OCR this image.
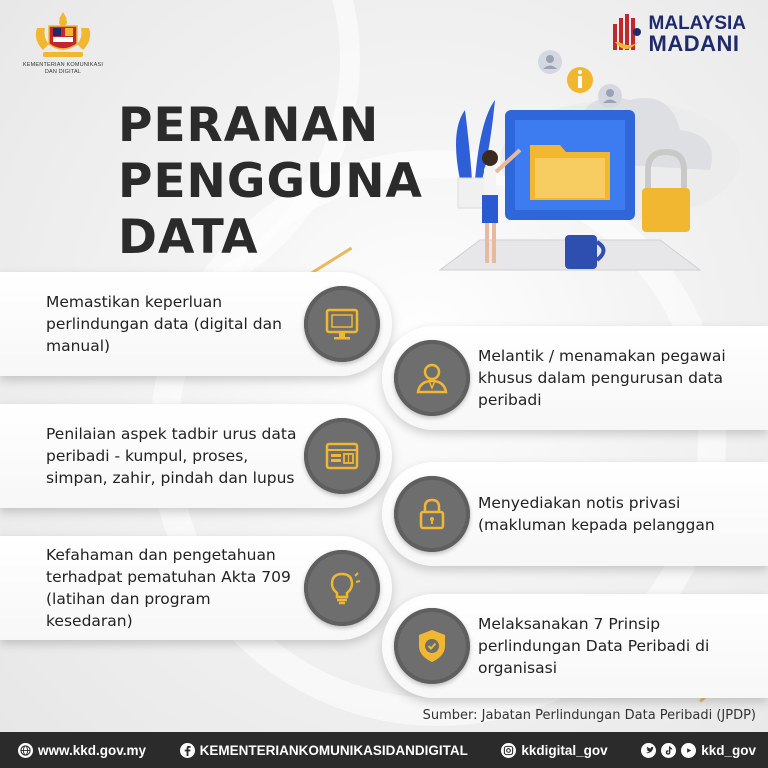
KEMENTERIAN KOMUNIKASI DAN DIGITAL
MALAYSIA
MADANI
PERANAN
PENGGUNA
DATA
Memastikan keperluan perlindungan data (digital dan manual)
Melantik / menamakan pegawai khusus dalam pengurusan data peribadi
Penilaian aspek tadbir urus data peribadi - kumpul, proses, simpan, zahir, pindah dan lupus
Menyediakan notis privasi (makluman kepada pelanggan
Kefahaman dan pengetahuan terhadpat pematuhan Akta 709 (latihan dan program kesedaran)	Melaksanakan 7 Prinsip perlindungan Data Peribadi di organisasi
Sumber: Jabatan Perlindungan Data Peribadi (JPDP)
www.kkd.gov.my	KEMENTERIANKOMUNIKASIDANDIGITAL	kkdigital_gov	kkd_gov
